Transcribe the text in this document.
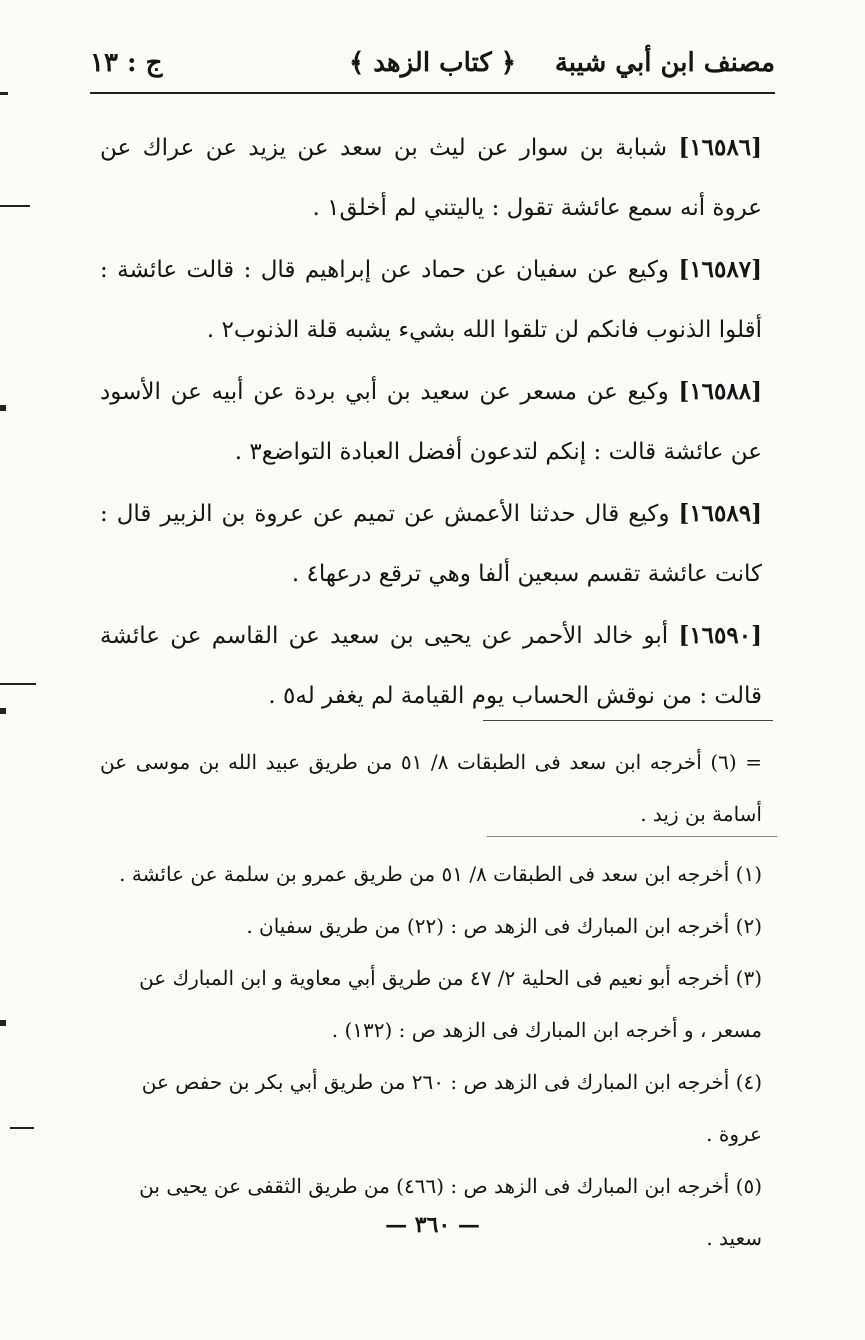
مصنف ابن أبي شيبة
﴿ كتاب الزهد ﴾
ج : ١٣

[١٦٥٨٦] شبابة بن سوار عن ليث بن سعد عن يزيد عن عراك عن عروة أنه سمع عائشة تقول : ياليتني لم أخلق١ .

[١٦٥٨٧] وكيع عن سفيان عن حماد عن إبراهيم قال : قالت عائشة : أقلوا الذنوب فانكم لن تلقوا الله بشيء يشبه قلة الذنوب٢ .

[١٦٥٨٨] وكيع عن مسعر عن سعيد بن أبي بردة عن أبيه عن الأسود عن عائشة قالت : إنكم لتدعون أفضل العبادة التواضع٣ .

[١٦٥٨٩] وكيع قال حدثنا الأعمش عن تميم عن عروة بن الزبير قال : كانت عائشة تقسم سبعين ألفا وهي ترقع درعها٤ .

[١٦٥٩٠] أبو خالد الأحمر عن يحيى بن سعيد عن القاسم عن عائشة قالت : من نوقش الحساب يوم القيامة لم يغفر له٥ .

= (٦) أخرجه ابن سعد فى الطبقات ٨/ ٥١ من طريق عبيد الله بن موسى عن أسامة بن زيد .

(١) أخرجه ابن سعد فى الطبقات ٨/ ٥١ من طريق عمرو بن سلمة عن عائشة .

(٢) أخرجه ابن المبارك فى الزهد ص : (٢٢) من طريق سفيان .

(٣) أخرجه أبو نعيم فى الحلية ٢/ ٤٧ من طريق أبي معاوية و ابن المبارك عن مسعر ، و أخرجه ابن المبارك فى الزهد ص : (١٣٢) .

(٤) أخرجه ابن المبارك فى الزهد ص : ٢٦٠ من طريق أبي بكر بن حفص عن عروة .

(٥) أخرجه ابن المبارك فى الزهد ص : (٤٦٦) من طريق الثقفى عن يحيى بن سعيد .

— ٣٦٠ —
